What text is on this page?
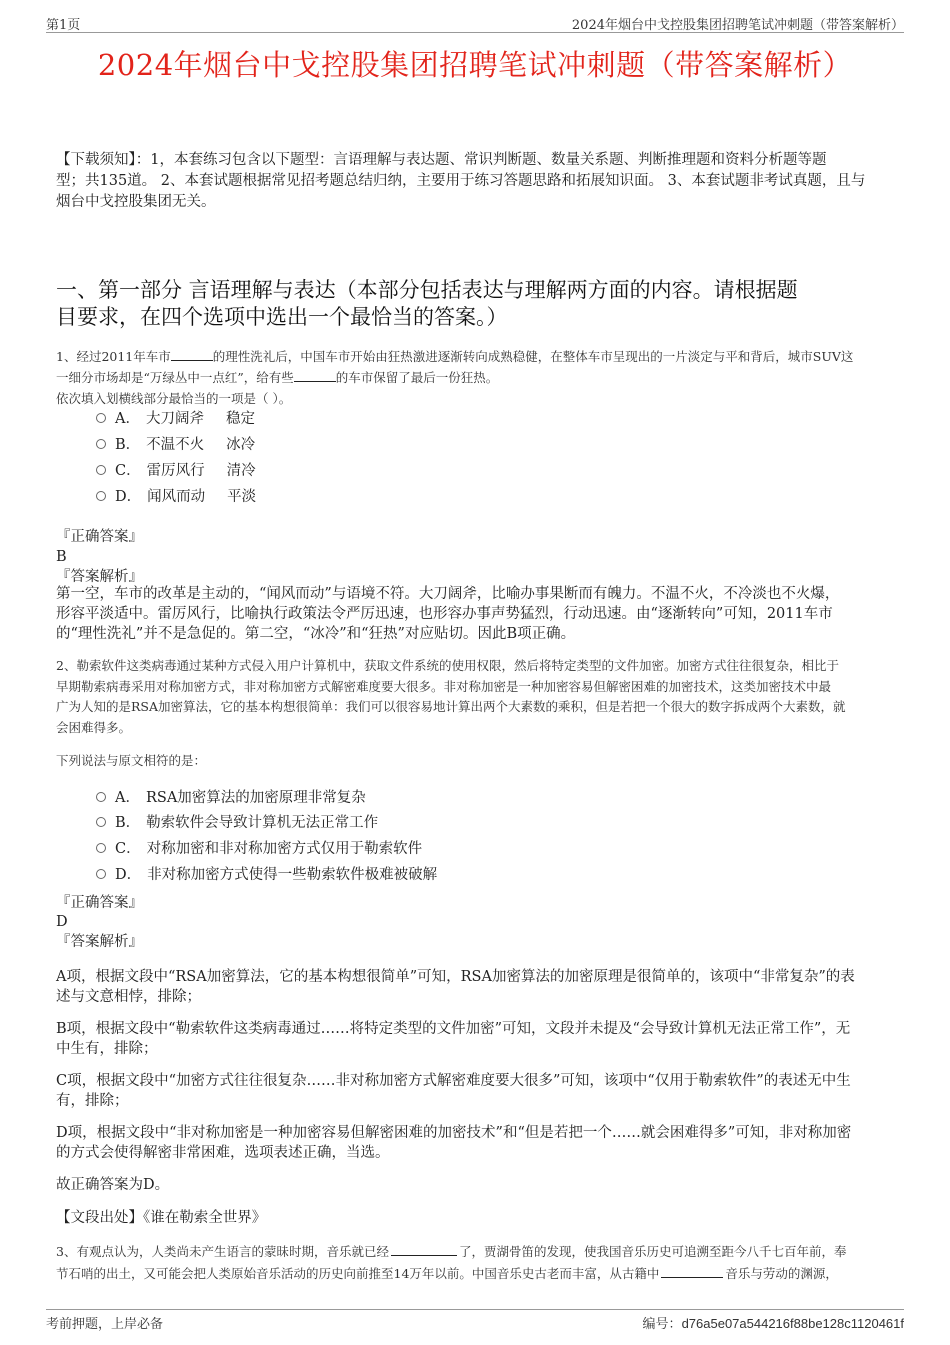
第1页	2024年烟台中戈控股集团招聘笔试冲刺题（带答案解析）
2024年烟台中戈控股集团招聘笔试冲刺题（带答案解析）
【下载须知】：1，本套练习包含以下题型：言语理解与表达题、常识判断题、数量关系题、判断推理题和资料分析题等题
型；共135道。 2、本套试题根据常见招考题总结归纳，主要用于练习答题思路和拓展知识面。 3、本套试题非考试真题，且与
烟台中戈控股集团无关。
一、第一部分 言语理解与表达（本部分包括表达与理解两方面的内容。请根据题
目要求，在四个选项中选出一个最恰当的答案。）
1、经过2011年车市	的理性洗礼后，中国车市开始由狂热激进逐渐转向成熟稳健，在整体车市呈现出的一片淡定与平和背后，城市SUV这
一细分市场却是“万绿丛中一点红”，给有些	的车市保留了最后一份狂热。
依次填入划横线部分最恰当的一项是（ ）。
A． 大刀阔斧 稳定
B． 不温不火 冰冷
C． 雷厉风行 清冷
D． 闻风而动 平淡
『正确答案』
B
『答案解析』
第一空，车市的改革是主动的，“闻风而动”与语境不符。大刀阔斧，比喻办事果断而有魄力。不温不火，不冷淡也不火爆，
形容平淡适中。雷厉风行，比喻执行政策法令严厉迅速，也形容办事声势猛烈，行动迅速。由“逐渐转向”可知，2011车市
的“理性洗礼”并不是急促的。第二空，“冰冷”和“狂热”对应贴切。因此B项正确。
2、勒索软件这类病毒通过某种方式侵入用户计算机中，获取文件系统的使用权限，然后将特定类型的文件加密。加密方式往往很复杂，相比于
早期勒索病毒采用对称加密方式，非对称加密方式解密难度要大很多。非对称加密是一种加密容易但解密困难的加密技术，这类加密技术中最
广为人知的是RSA加密算法，它的基本构想很简单：我们可以很容易地计算出两个大素数的乘积，但是若把一个很大的数字拆成两个大素数，就
会困难得多。
下列说法与原文相符的是：
A． RSA加密算法的加密原理非常复杂
B． 勒索软件会导致计算机无法正常工作
C． 对称加密和非对称加密方式仅用于勒索软件
D． 非对称加密方式使得一些勒索软件极难被破解
『正确答案』
D
『答案解析』
A项，根据文段中“RSA加密算法，它的基本构想很简单”可知，RSA加密算法的加密原理是很简单的，该项中“非常复杂”的表
述与文意相悖，排除；
B项，根据文段中“勒索软件这类病毒通过……将特定类型的文件加密”可知，文段并未提及“会导致计算机无法正常工作”，无
中生有，排除；
C项，根据文段中“加密方式往往很复杂……非对称加密方式解密难度要大很多”可知，该项中“仅用于勒索软件”的表述无中生
有，排除；
D项，根据文段中“非对称加密是一种加密容易但解密困难的加密技术”和“但是若把一个……就会困难得多”可知，非对称加密
的方式会使得解密非常困难，选项表述正确，当选。
故正确答案为D。
【文段出处】《谁在勒索全世界》
3、有观点认为，人类尚未产生语言的蒙昧时期，音乐就已经	了，贾湖骨笛的发现，使我国音乐历史可追溯至距今八千七百年前，奉
节石哨的出土，又可能会把人类原始音乐活动的历史向前推至14万年以前。中国音乐史古老而丰富，从古籍中	音乐与劳动的渊源，
考前押题，上岸必备	编号：d76a5e07a544216f88be128c1120461f
